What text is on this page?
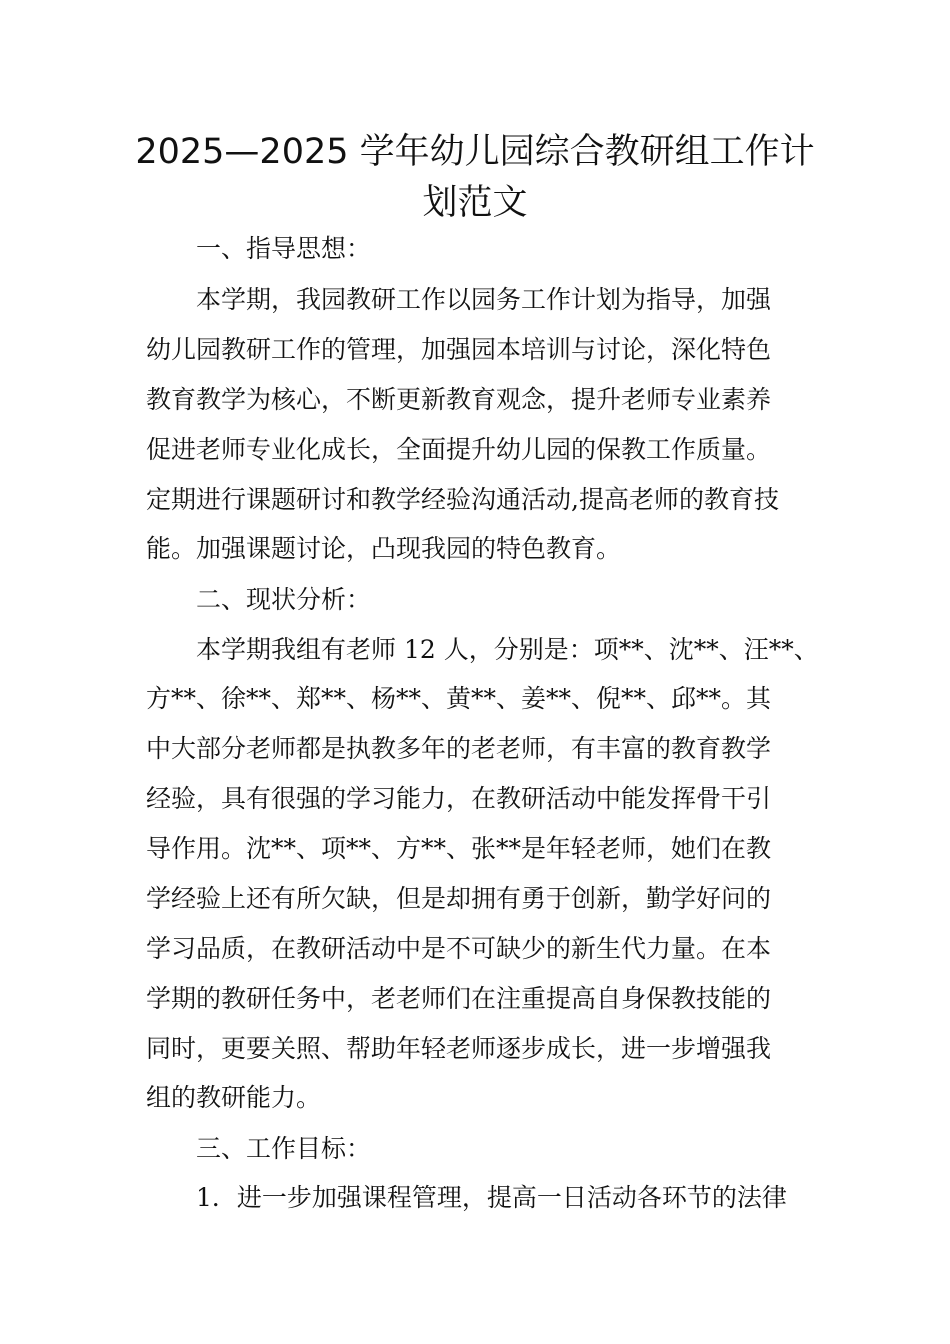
2025—2025 学年幼儿园综合教研组工作计
划范文
一、指导思想：
本学期，我园教研工作以园务工作计划为指导，加强
幼儿园教研工作的管理，加强园本培训与讨论，深化特色
教育教学为核心，不断更新教育观念，提升老师专业素养
促进老师专业化成长，全面提升幼儿园的保教工作质量。
定期进行课题研讨和教学经验沟通活动,提高老师的教育技
能。加强课题讨论，凸现我园的特色教育。
二、现状分析：
本学期我组有老师 12 人，分别是：项**、沈**、汪**、
方**、徐**、郑**、杨**、黄**、姜**、倪**、邱**。其
中大部分老师都是执教多年的老老师，有丰富的教育教学
经验，具有很强的学习能力，在教研活动中能发挥骨干引
导作用。沈**、项**、方**、张**是年轻老师，她们在教
学经验上还有所欠缺，但是却拥有勇于创新，勤学好问的
学习品质，在教研活动中是不可缺少的新生代力量。在本
学期的教研任务中，老老师们在注重提高自身保教技能的
同时，更要关照、帮助年轻老师逐步成长，进一步增强我
组的教研能力。
三、工作目标：
1．进一步加强课程管理，提高一日活动各环节的法律
